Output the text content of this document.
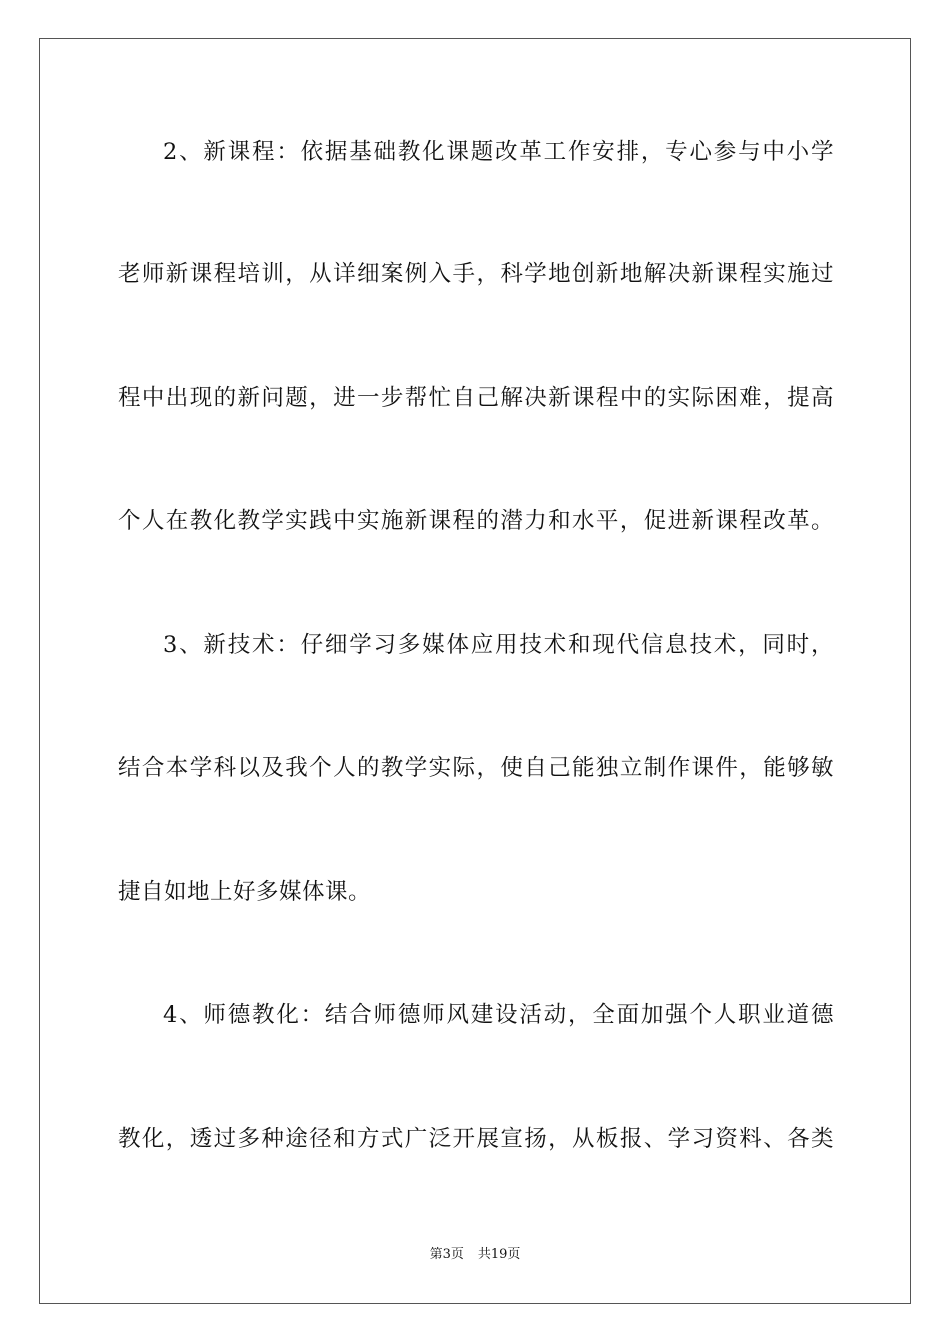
2、新课程：依据基础教化课题改革工作安排，专心参与中小学
老师新课程培训，从详细案例入手，科学地创新地解决新课程实施过
程中出现的新问题，进一步帮忙自己解决新课程中的实际困难，提高
个人在教化教学实践中实施新课程的潜力和水平，促进新课程改革。
3、新技术：仔细学习多媒体应用技术和现代信息技术，同时，
结合本学科以及我个人的教学实际，使自己能独立制作课件，能够敏
捷自如地上好多媒体课。
4、师德教化：结合师德师风建设活动，全面加强个人职业道德
教化，透过多种途径和方式广泛开展宣扬，从板报、学习资料、各类
第3页 共19页
